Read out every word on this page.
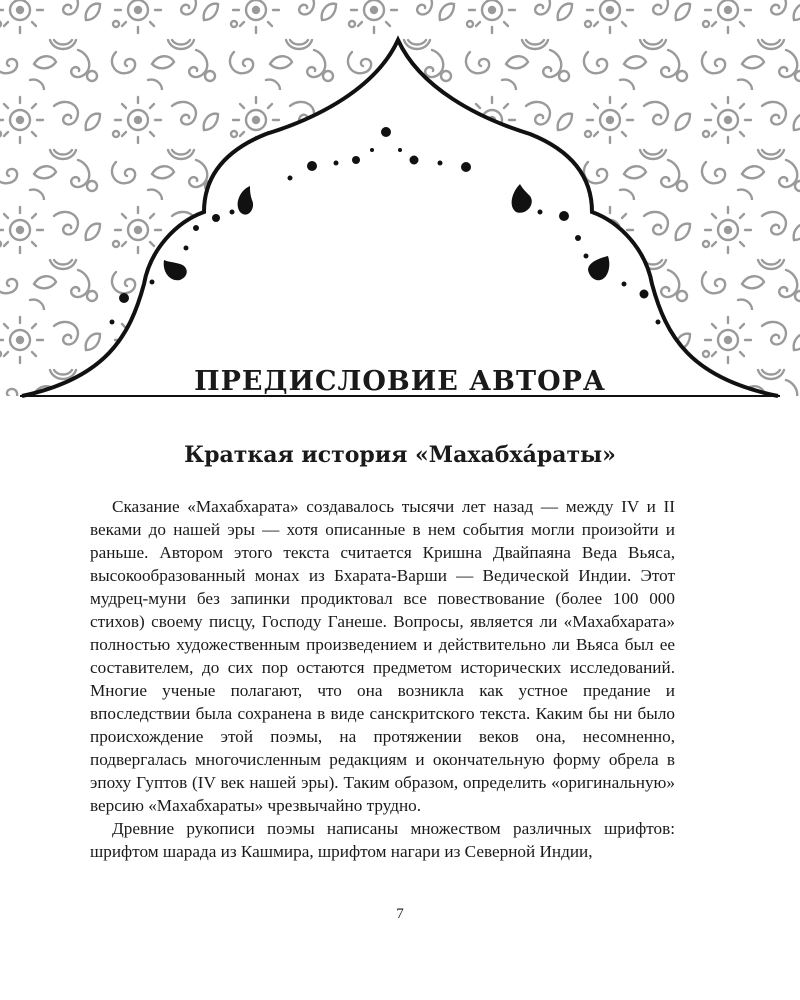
ПРЕДИСЛОВИЕ АВТОРА
Краткая история «Махабха́раты»

Сказание «Махабхарата» создавалось тысячи лет назад — между IV и II веками до нашей эры — хотя описанные в нем события могли произойти и раньше. Автором этого текста считается Кришна Двайпаяна Веда Вьяса, высокообразованный монах из Бхарата-Варши — Ведической Индии. Этот мудрец-муни без запинки продиктовал все повествование (более 100 000 стихов) своему писцу, Господу Ганеше. Вопросы, является ли «Махабхарата» полностью художественным произведением и действительно ли Вьяса был ее составителем, до сих пор остаются предметом исторических исследований. Многие ученые полагают, что она возникла как устное предание и впоследствии была сохранена в виде санскритского текста. Каким бы ни было происхождение этой поэмы, на протяжении веков она, несомненно, подвергалась многочисленным редакциям и окончательную форму обрела в эпоху Гуптов (IV век нашей эры). Таким образом, определить «оригинальную» версию «Махабхараты» чрезвычайно трудно.

Древние рукописи поэмы написаны множеством различных шрифтов: шрифтом шарада из Кашмира, шрифтом нагари из Северной Индии,

7
